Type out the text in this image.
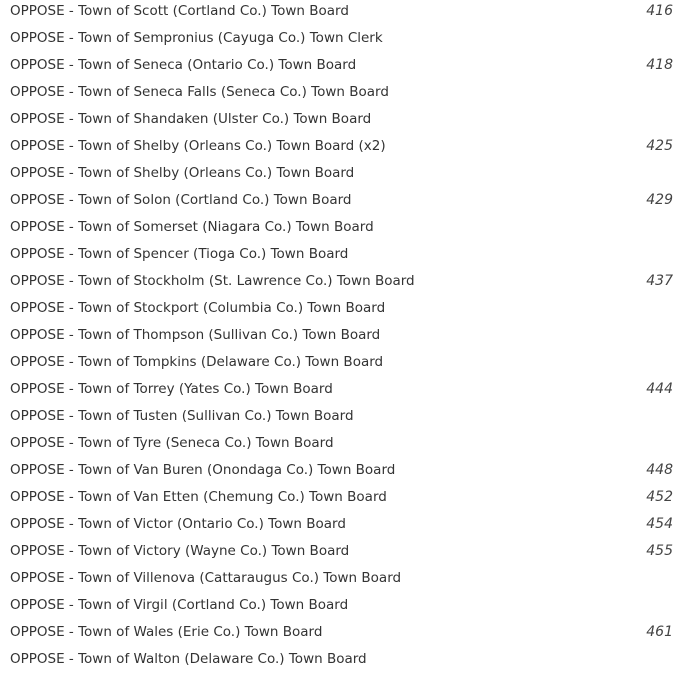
OPPOSE - Town of Scott (Cortland Co.) Town Board	416
OPPOSE - Town of Sempronius (Cayuga Co.) Town Clerk
OPPOSE - Town of Seneca (Ontario Co.) Town Board	418
OPPOSE - Town of Seneca Falls (Seneca Co.) Town Board
OPPOSE - Town of Shandaken (Ulster Co.) Town Board
OPPOSE - Town of Shelby (Orleans Co.) Town Board (x2)	425
OPPOSE - Town of Shelby (Orleans Co.) Town Board
OPPOSE - Town of Solon (Cortland Co.) Town Board	429
OPPOSE - Town of Somerset (Niagara Co.) Town Board
OPPOSE - Town of Spencer (Tioga Co.) Town Board
OPPOSE - Town of Stockholm (St. Lawrence Co.) Town Board	437
OPPOSE - Town of Stockport (Columbia Co.) Town Board
OPPOSE - Town of Thompson (Sullivan Co.) Town Board
OPPOSE - Town of Tompkins (Delaware Co.) Town Board
OPPOSE - Town of Torrey (Yates Co.) Town Board	444
OPPOSE - Town of Tusten (Sullivan Co.) Town Board
OPPOSE - Town of Tyre (Seneca Co.) Town Board
OPPOSE - Town of Van Buren (Onondaga Co.) Town Board	448
OPPOSE - Town of Van Etten (Chemung Co.) Town Board	452
OPPOSE - Town of Victor (Ontario Co.) Town Board	454
OPPOSE - Town of Victory (Wayne Co.) Town Board	455
OPPOSE - Town of Villenova (Cattaraugus Co.) Town Board
OPPOSE - Town of Virgil (Cortland Co.) Town Board
OPPOSE - Town of Wales (Erie Co.) Town Board	461
OPPOSE - Town of Walton (Delaware Co.) Town Board
